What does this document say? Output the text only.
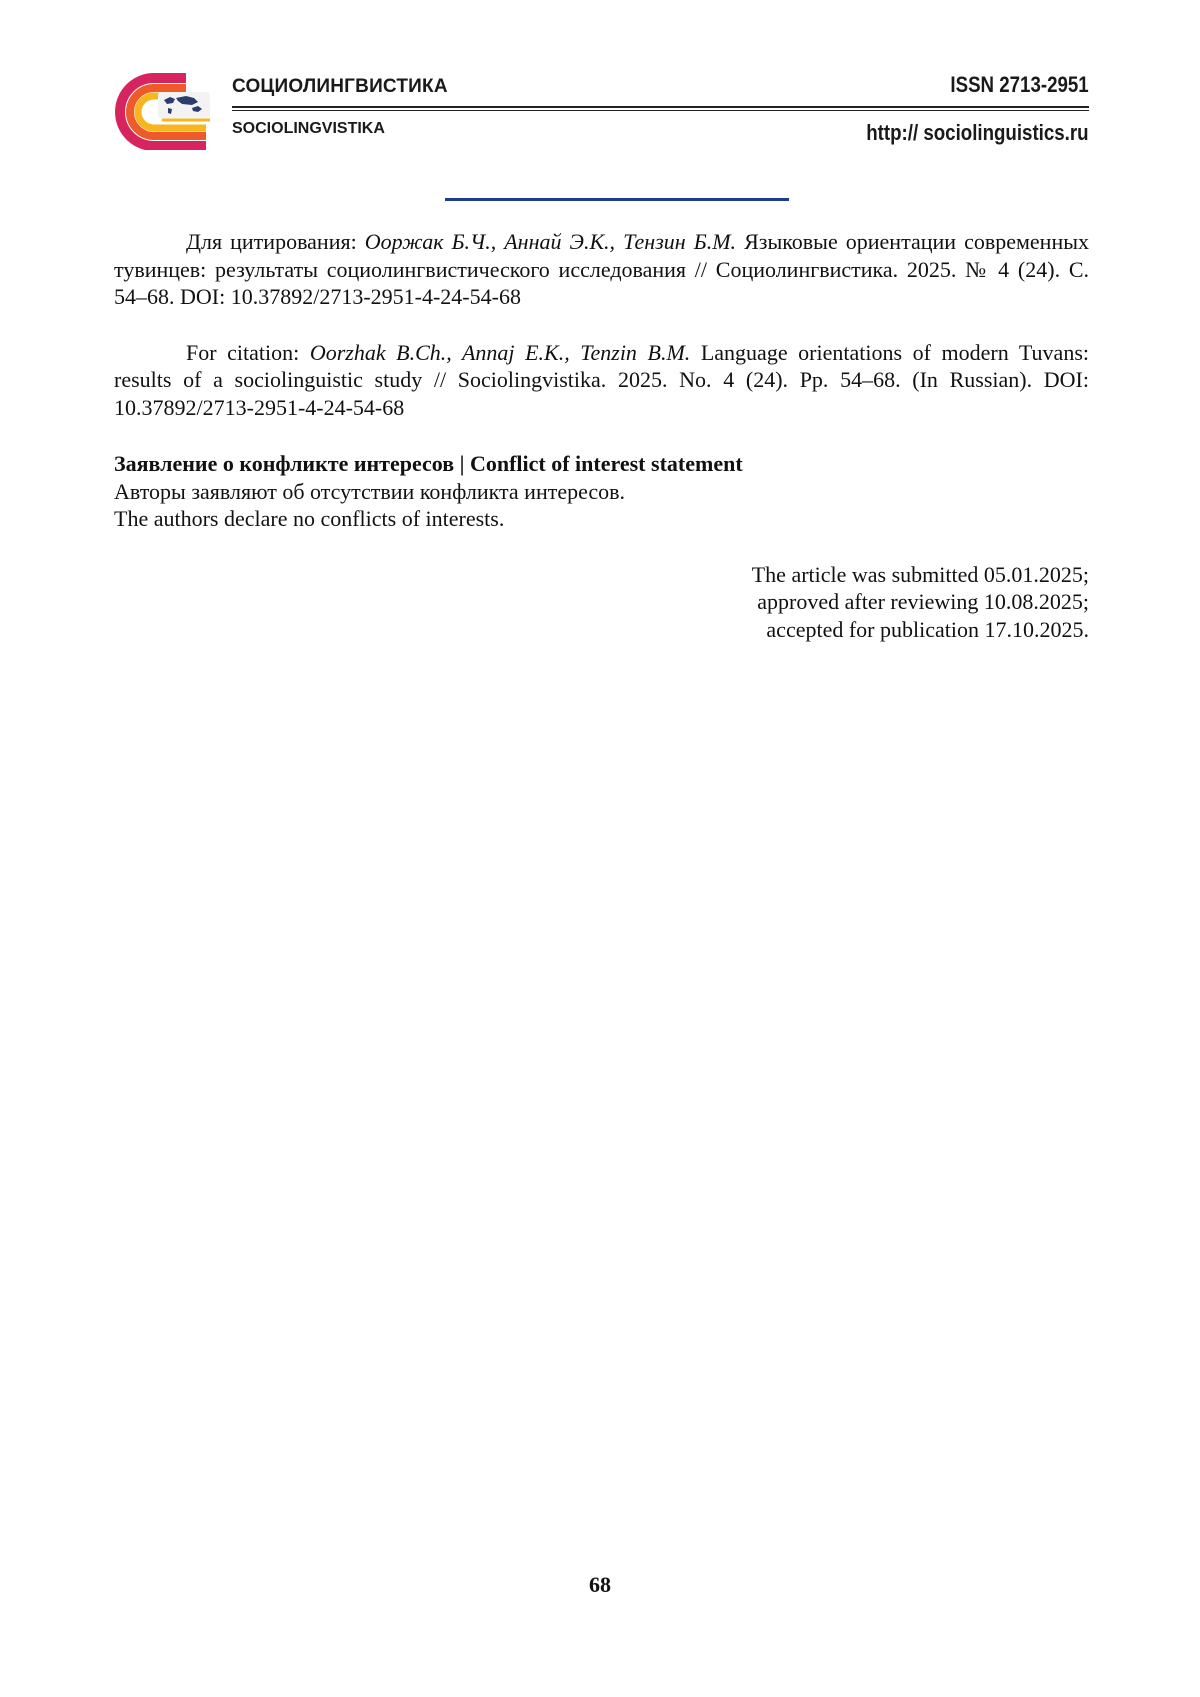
СОЦИОЛИНГВИСТИКА
SOCIOLINGVISTIKA
ISSN 2713-2951
http:// sociolinguistics.ru

Для цитирования: Ооржак Б.Ч., Аннай Э.К., Тензин Б.М. Языковые ориентации современных тувинцев: результаты социолингвистического исследования // Социолингвистика. 2025. № 4 (24). С. 54–68. DOI: 10.37892/2713-2951-4-24-54-68

For citation: Oorzhak B.Ch., Annaj E.K., Tenzin B.M. Language orientations of modern Tuvans: results of a sociolinguistic study // Sociolingvistika. 2025. No. 4 (24). Pp. 54–68. (In Russian). DOI: 10.37892/2713-2951-4-24-54-68

Заявление о конфликте интересов | Conflict of interest statement

Авторы заявляют об отсутствии конфликта интересов.

The authors declare no conflicts of interests.

The article was submitted 05.01.2025;
approved after reviewing 10.08.2025;
accepted for publication 17.10.2025.
68
